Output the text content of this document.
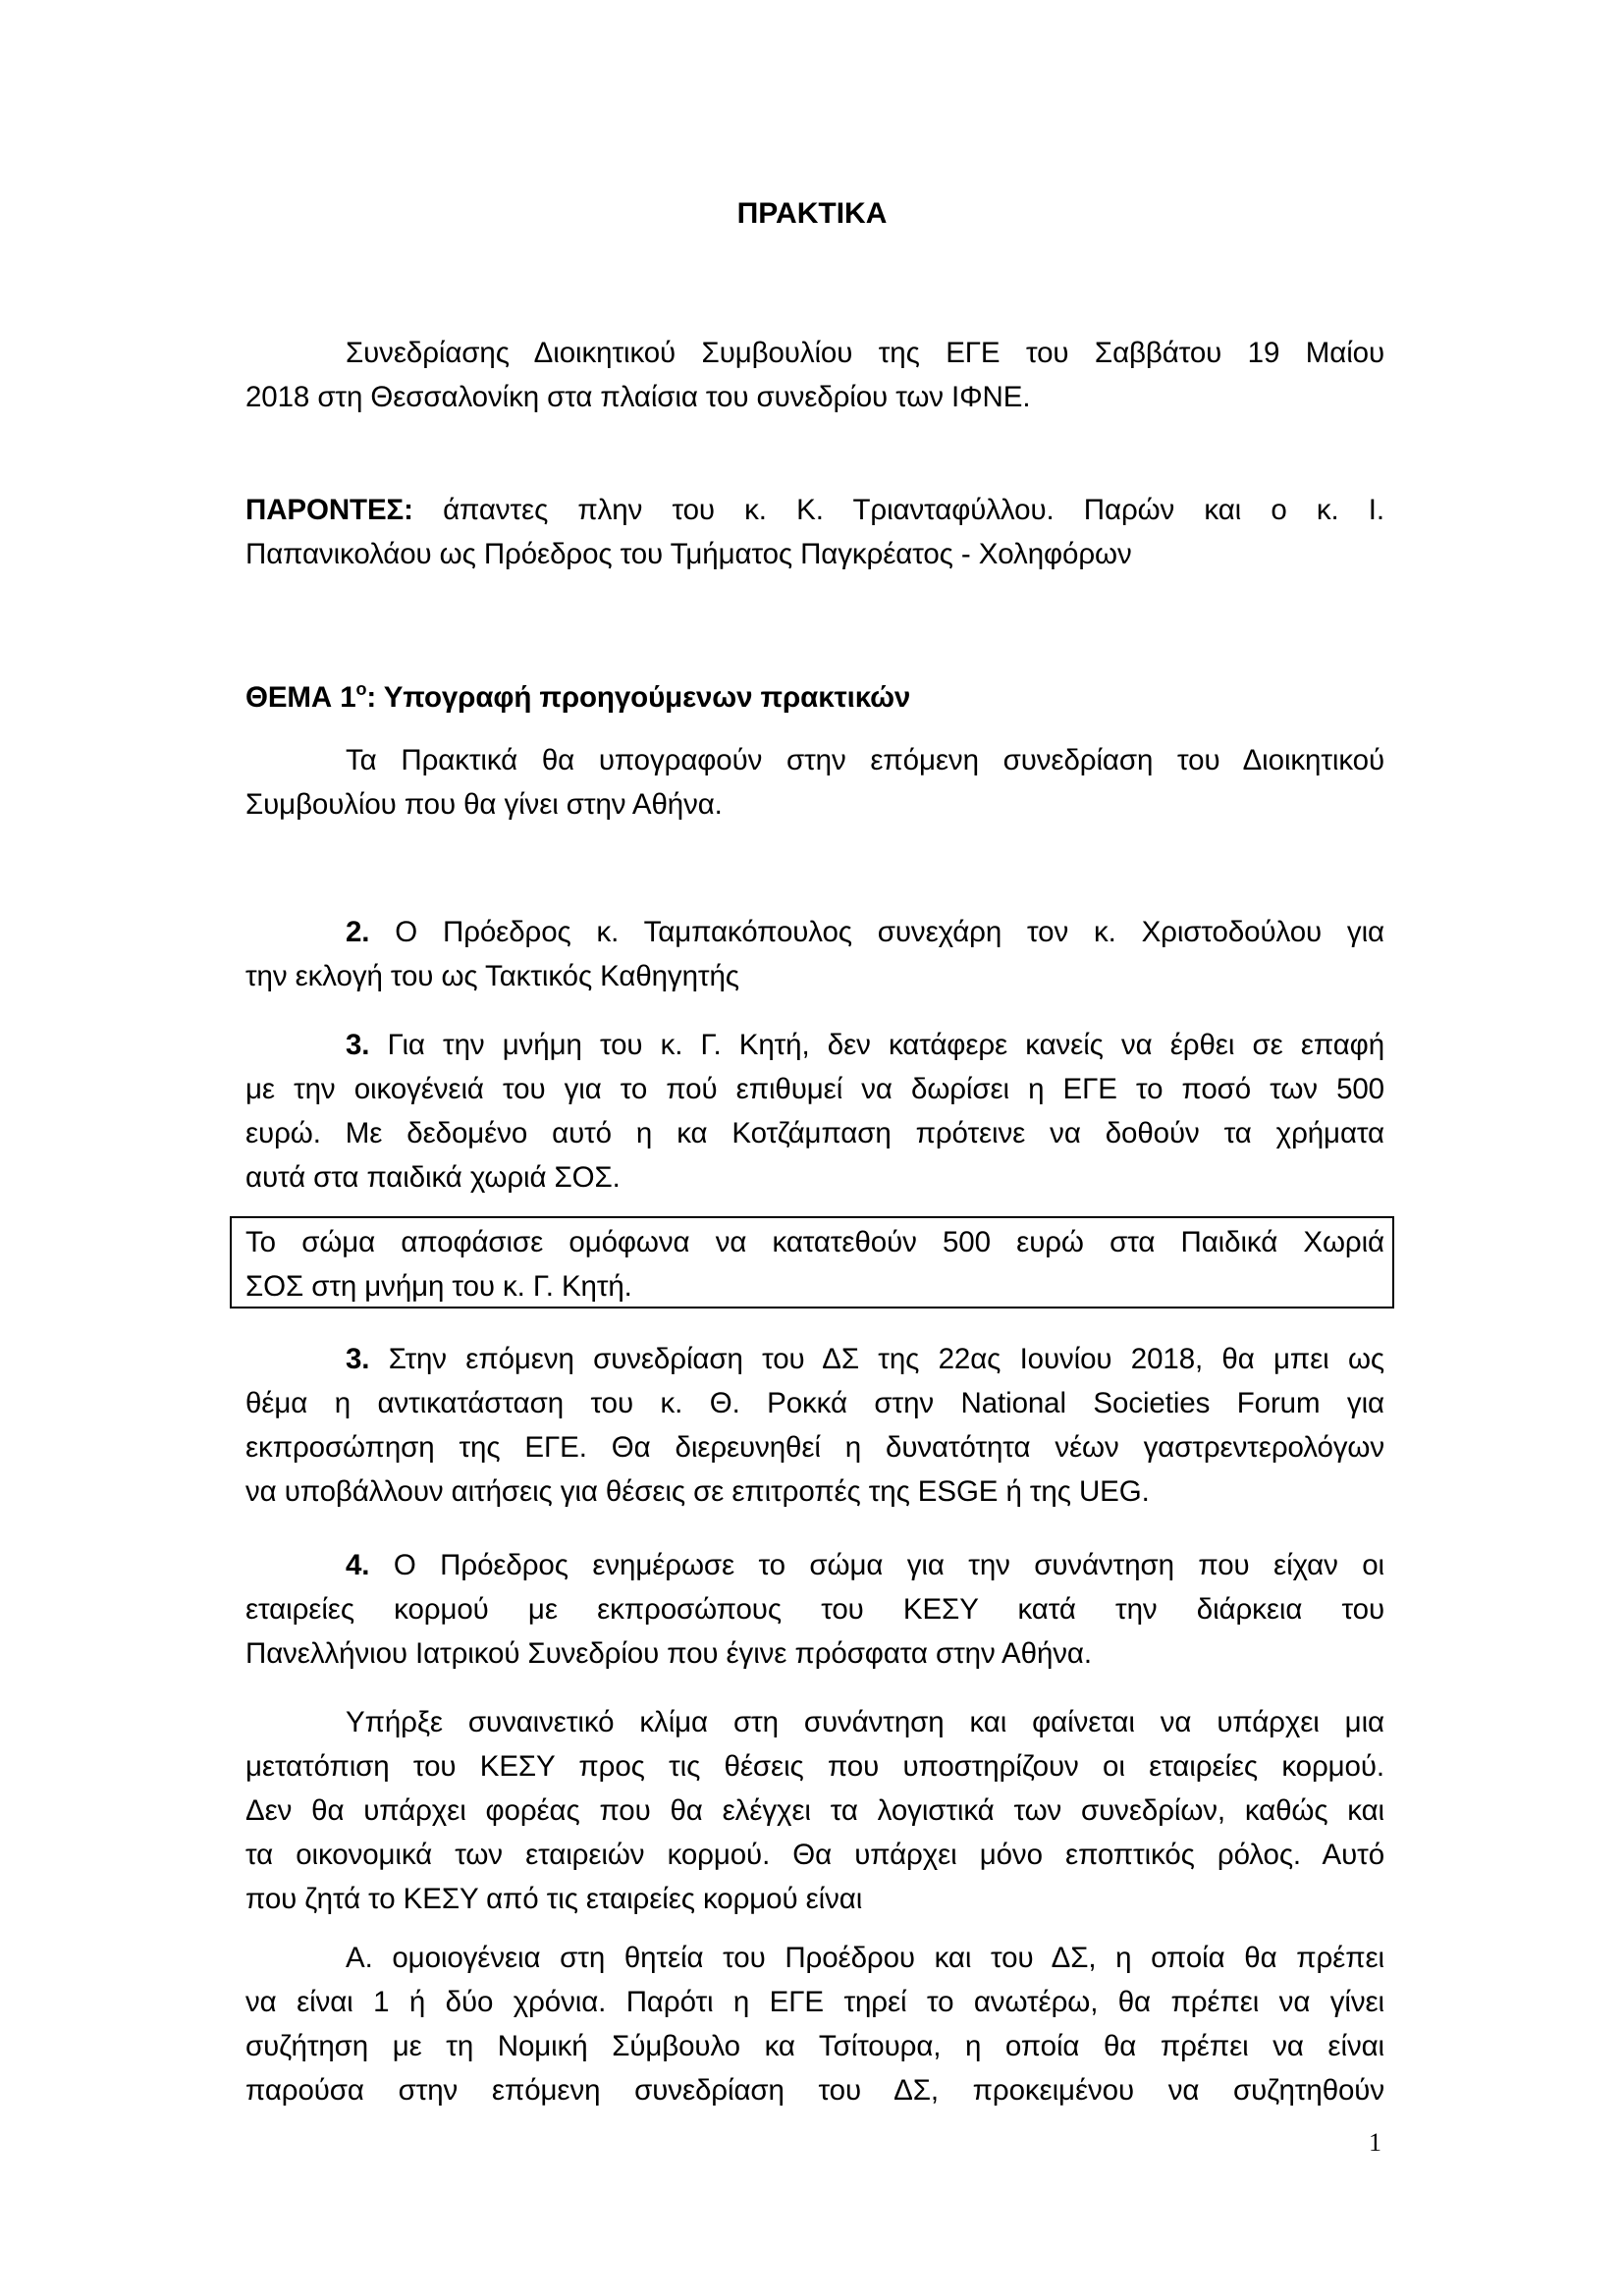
ΠΡΑΚΤΙΚΑ
Συνεδρίασης Διοικητικού Συμβουλίου της ΕΓΕ του Σαββάτου 19 Μαίου
2018 στη Θεσσαλονίκη στα πλαίσια του συνεδρίου των ΙΦΝΕ.
ΠΑΡΟΝΤΕΣ: άπαντες πλην του κ. Κ. Τριανταφύλλου. Παρών και ο κ. Ι.
Παπανικολάου ως Πρόεδρος του Τμήματος Παγκρέατος - Χοληφόρων
ΘΕΜΑ $1^o$: Υπογραφή προηγούμενων πρακτικών
Τα Πρακτικά θα υπογραφούν στην επόμενη συνεδρίαση του Διοικητικού
Συμβουλίου που θα γίνει στην Αθήνα.
2. Ο Πρόεδρος κ. Ταμπακόπουλος συνεχάρη τον κ. Χριστοδούλου για
την εκλογή του ως Τακτικός Καθηγητής
3. Για την μνήμη του κ. Γ. Κητή, δεν κατάφερε κανείς να έρθει σε επαφή
με την οικογένειά του για το πού επιθυμεί να δωρίσει η ΕΓΕ το ποσό των 500
ευρώ. Με δεδομένο αυτό η κα Κοτζάμπαση πρότεινε να δοθούν τα χρήματα
αυτά στα παιδικά χωριά ΣΟΣ.
Το σώμα αποφάσισε ομόφωνα να κατατεθούν 500 ευρώ στα Παιδικά Χωριά
ΣΟΣ στη μνήμη του κ. Γ. Κητή.
3. Στην επόμενη συνεδρίαση του ΔΣ της 22ας Ιουνίου 2018, θα μπει ως
θέμα η αντικατάσταση του κ. Θ. Ροκκά στην National Societies Forum για
εκπροσώπηση της ΕΓΕ. Θα διερευνηθεί η δυνατότητα νέων γαστρεντερολόγων
να υποβάλλουν αιτήσεις για θέσεις σε επιτροπές της ESGE ή της UEG.
4. Ο Πρόεδρος ενημέρωσε το σώμα για την συνάντηση που είχαν οι
εταιρείες κορμού με εκπροσώπους του ΚΕΣΥ κατά την διάρκεια του
Πανελλήνιου Ιατρικού Συνεδρίου που έγινε πρόσφατα στην Αθήνα.
Υπήρξε συναινετικό κλίμα στη συνάντηση και φαίνεται να υπάρχει μια
μετατόπιση του ΚΕΣΥ προς τις θέσεις που υποστηρίζουν οι εταιρείες κορμού.
Δεν θα υπάρχει φορέας που θα ελέγχει τα λογιστικά των συνεδρίων, καθώς και
τα οικονομικά των εταιρειών κορμού. Θα υπάρχει μόνο εποπτικός ρόλος. Αυτό
που ζητά το ΚΕΣΥ από τις εταιρείες κορμού είναι
Α. ομοιογένεια στη θητεία του Προέδρου και του ΔΣ, η οποία θα πρέπει
να είναι 1 ή δύο χρόνια. Παρότι η ΕΓΕ τηρεί το ανωτέρω, θα πρέπει να γίνει
συζήτηση με τη Νομική Σύμβουλο κα Τσίτουρα, η οποία θα πρέπει να είναι
παρούσα στην επόμενη συνεδρίαση του ΔΣ, προκειμένου να συζητηθούν
1
